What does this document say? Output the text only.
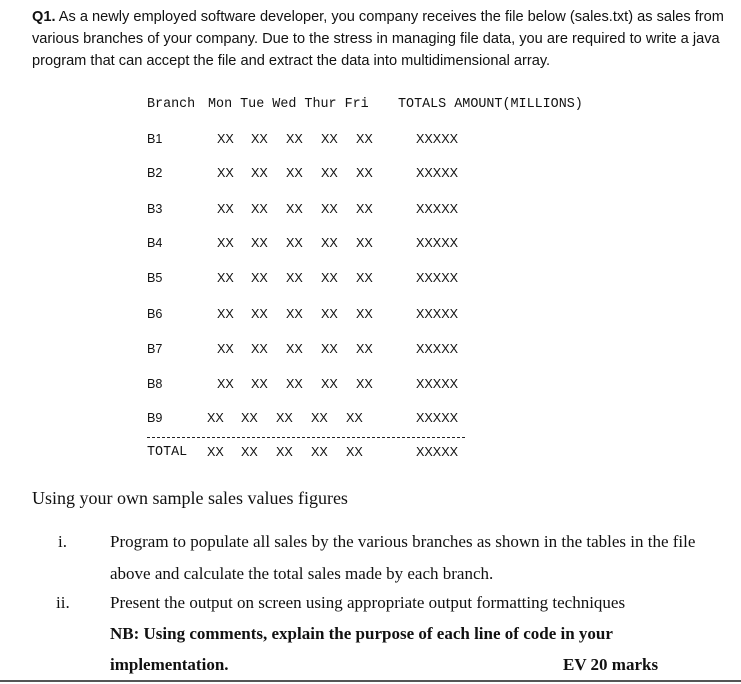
Q1. As a newly employed software developer, you company receives the file below (sales.txt) as sales from various branches of your company. Due to the stress in managing file data, you are required to write a java program that can accept the file and extract the data into multidimensional array.
Branch Mon Tue Wed Thur Fri TOTALS AMOUNT(MILLIONS)
B1	XX XX XX XX XX	XXXXX
B2	XX XX XX XX XX	XXXXX
B3	XX XX XX XX XX	XXXXX
B4	XX XX XX XX XX	XXXXX
B5	XX XX XX XX XX	XXXXX
B6	XX XX XX XX XX	XXXXX
B7	XX XX XX XX XX	XXXXX
B8	XX XX XX XX XX	XXXXX
B9	XX XX XX XX XX	XXXXX
TOTAL XX XX XX XX XX	XXXXX
Using your own sample sales values figures
i.	Program to populate all sales by the various branches as shown in the tables in the file
above and calculate the total sales made by each branch.
ii. Present the output on screen using appropriate output formatting techniques
NB: Using comments, explain the purpose of each line of code in your
implementation.	EV 20 marks
